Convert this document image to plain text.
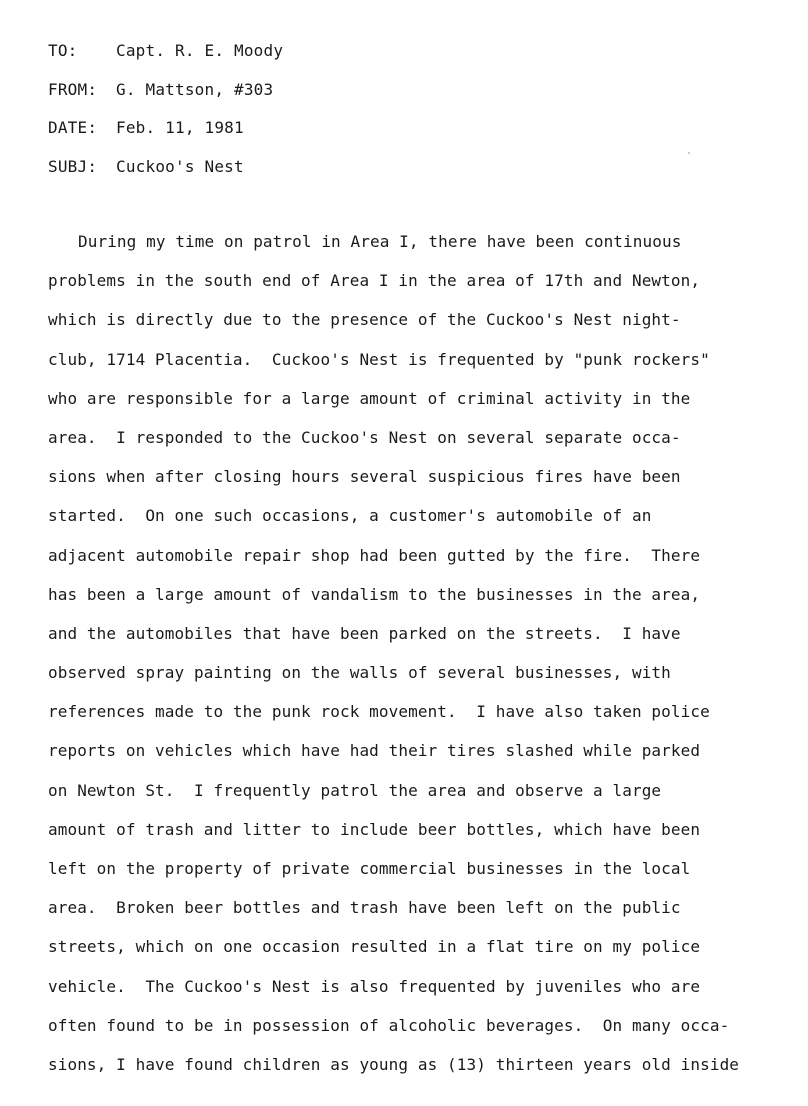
TO:	Capt. R. E. Moody
FROM:	G. Mattson, #303
DATE:	Feb. 11, 1981
SUBJ:	Cuckoo's Nest
During my time on patrol in Area I, there have been continuous
problems in the south end of Area I in the area of 17th and Newton,
which is directly due to the presence of the Cuckoo's Nest night-
club, 1714 Placentia.  Cuckoo's Nest is frequented by "punk rockers"
who are responsible for a large amount of criminal activity in the
area.  I responded to the Cuckoo's Nest on several separate occa-
sions when after closing hours several suspicious fires have been
started.  On one such occasions, a customer's automobile of an
adjacent automobile repair shop had been gutted by the fire.  There
has been a large amount of vandalism to the businesses in the area,
and the automobiles that have been parked on the streets.  I have
observed spray painting on the walls of several businesses, with
references made to the punk rock movement.  I have also taken police
reports on vehicles which have had their tires slashed while parked
on Newton St.  I frequently patrol the area and observe a large
amount of trash and litter to include beer bottles, which have been
left on the property of private commercial businesses in the local
area.  Broken beer bottles and trash have been left on the public
streets, which on one occasion resulted in a flat tire on my police
vehicle.  The Cuckoo's Nest is also frequented by juveniles who are
often found to be in possession of alcoholic beverages.  On many occa-
sions, I have found children as young as (13) thirteen years old inside
